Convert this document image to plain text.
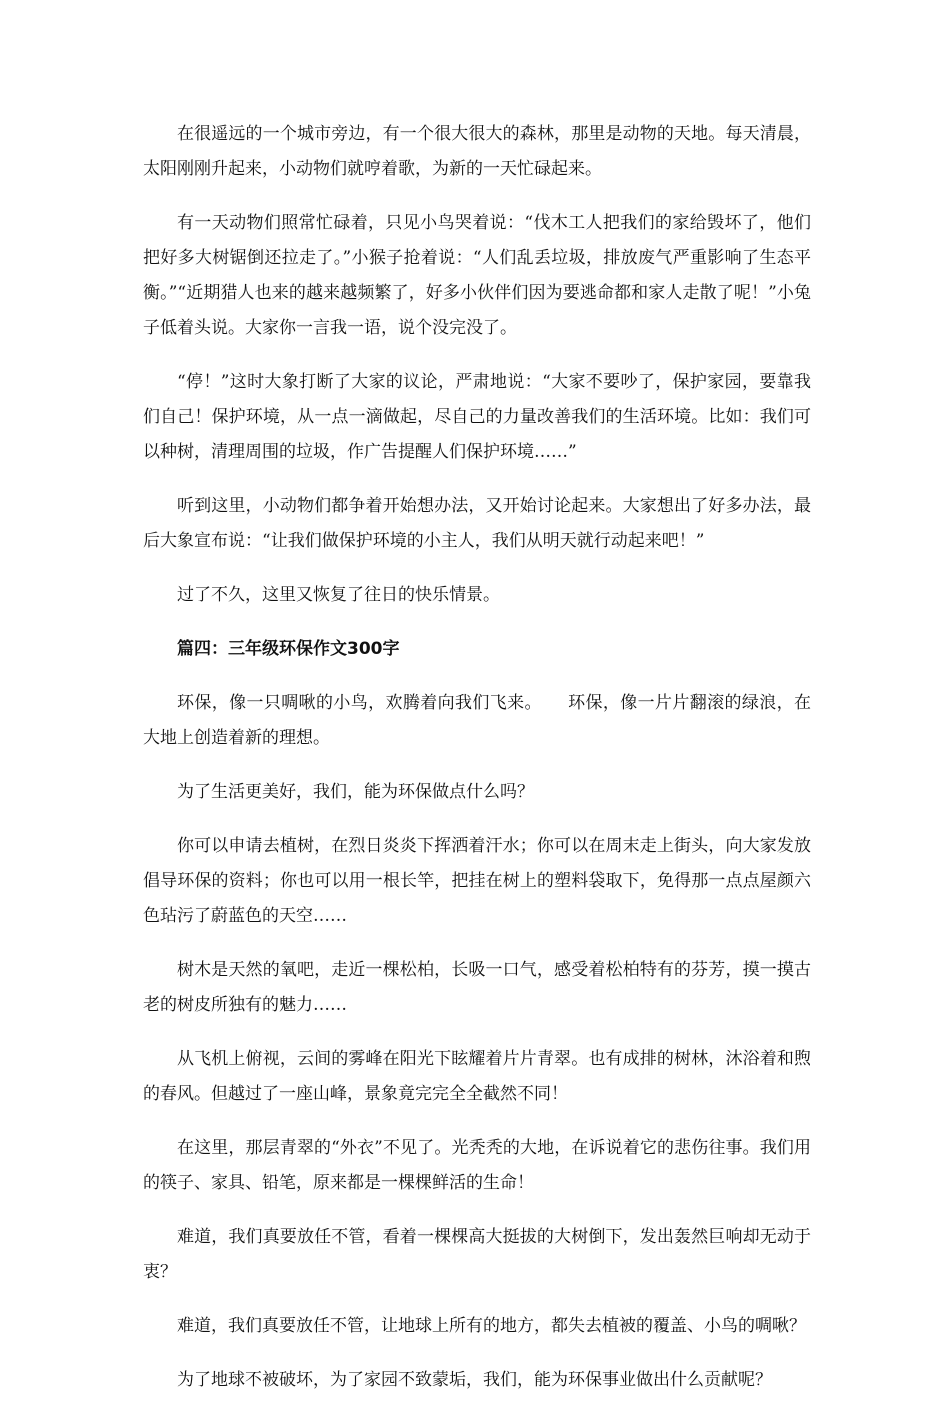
在很遥远的一个城市旁边，有一个很大很大的森林，那里是动物的天地。每天清晨，太阳刚刚升起来，小动物们就哼着歌，为新的一天忙碌起来。

有一天动物们照常忙碌着，只见小鸟哭着说：“伐木工人把我们的家给毁坏了，他们把好多大树锯倒还拉走了。”小猴子抢着说：“人们乱丢垃圾，排放废气严重影响了生态平衡。”“近期猎人也来的越来越频繁了，好多小伙伴们因为要逃命都和家人走散了呢！”小兔子低着头说。大家你一言我一语，说个没完没了。

“停！”这时大象打断了大家的议论，严肃地说：“大家不要吵了，保护家园，要靠我们自己！保护环境，从一点一滴做起，尽自己的力量改善我们的生活环境。比如：我们可以种树，清理周围的垃圾，作广告提醒人们保护环境……”

听到这里，小动物们都争着开始想办法，又开始讨论起来。大家想出了好多办法，最后大象宣布说：“让我们做保护环境的小主人，我们从明天就行动起来吧！”

过了不久，这里又恢复了往日的快乐情景。

篇四：三年级环保作文300字

环保，像一只啁啾的小鸟，欢腾着向我们飞来。　　环保，像一片片翻滚的绿浪，在大地上创造着新的理想。

为了生活更美好，我们，能为环保做点什么吗？

你可以申请去植树，在烈日炎炎下挥洒着汗水；你可以在周末走上街头，向大家发放倡导环保的资料；你也可以用一根长竿，把挂在树上的塑料袋取下，免得那一点点屋颜六色玷污了蔚蓝色的天空……

树木是天然的氧吧，走近一棵松柏，长吸一口气，感受着松柏特有的芬芳，摸一摸古老的树皮所独有的魅力……

从飞机上俯视，云间的雾峰在阳光下眩耀着片片青翠。也有成排的树林，沐浴着和煦的春风。但越过了一座山峰，景象竟完完全全截然不同！

在这里，那层青翠的“外衣”不见了。光秃秃的大地，在诉说着它的悲伤往事。我们用的筷子、家具、铅笔，原来都是一棵棵鲜活的生命！

难道，我们真要放任不管，看着一棵棵高大挺拔的大树倒下，发出轰然巨响却无动于衷？

难道，我们真要放任不管，让地球上所有的地方，都失去植被的覆盖、小鸟的啁啾？

为了地球不被破坏，为了家园不致蒙垢，我们，能为环保事业做出什么贡献呢？
